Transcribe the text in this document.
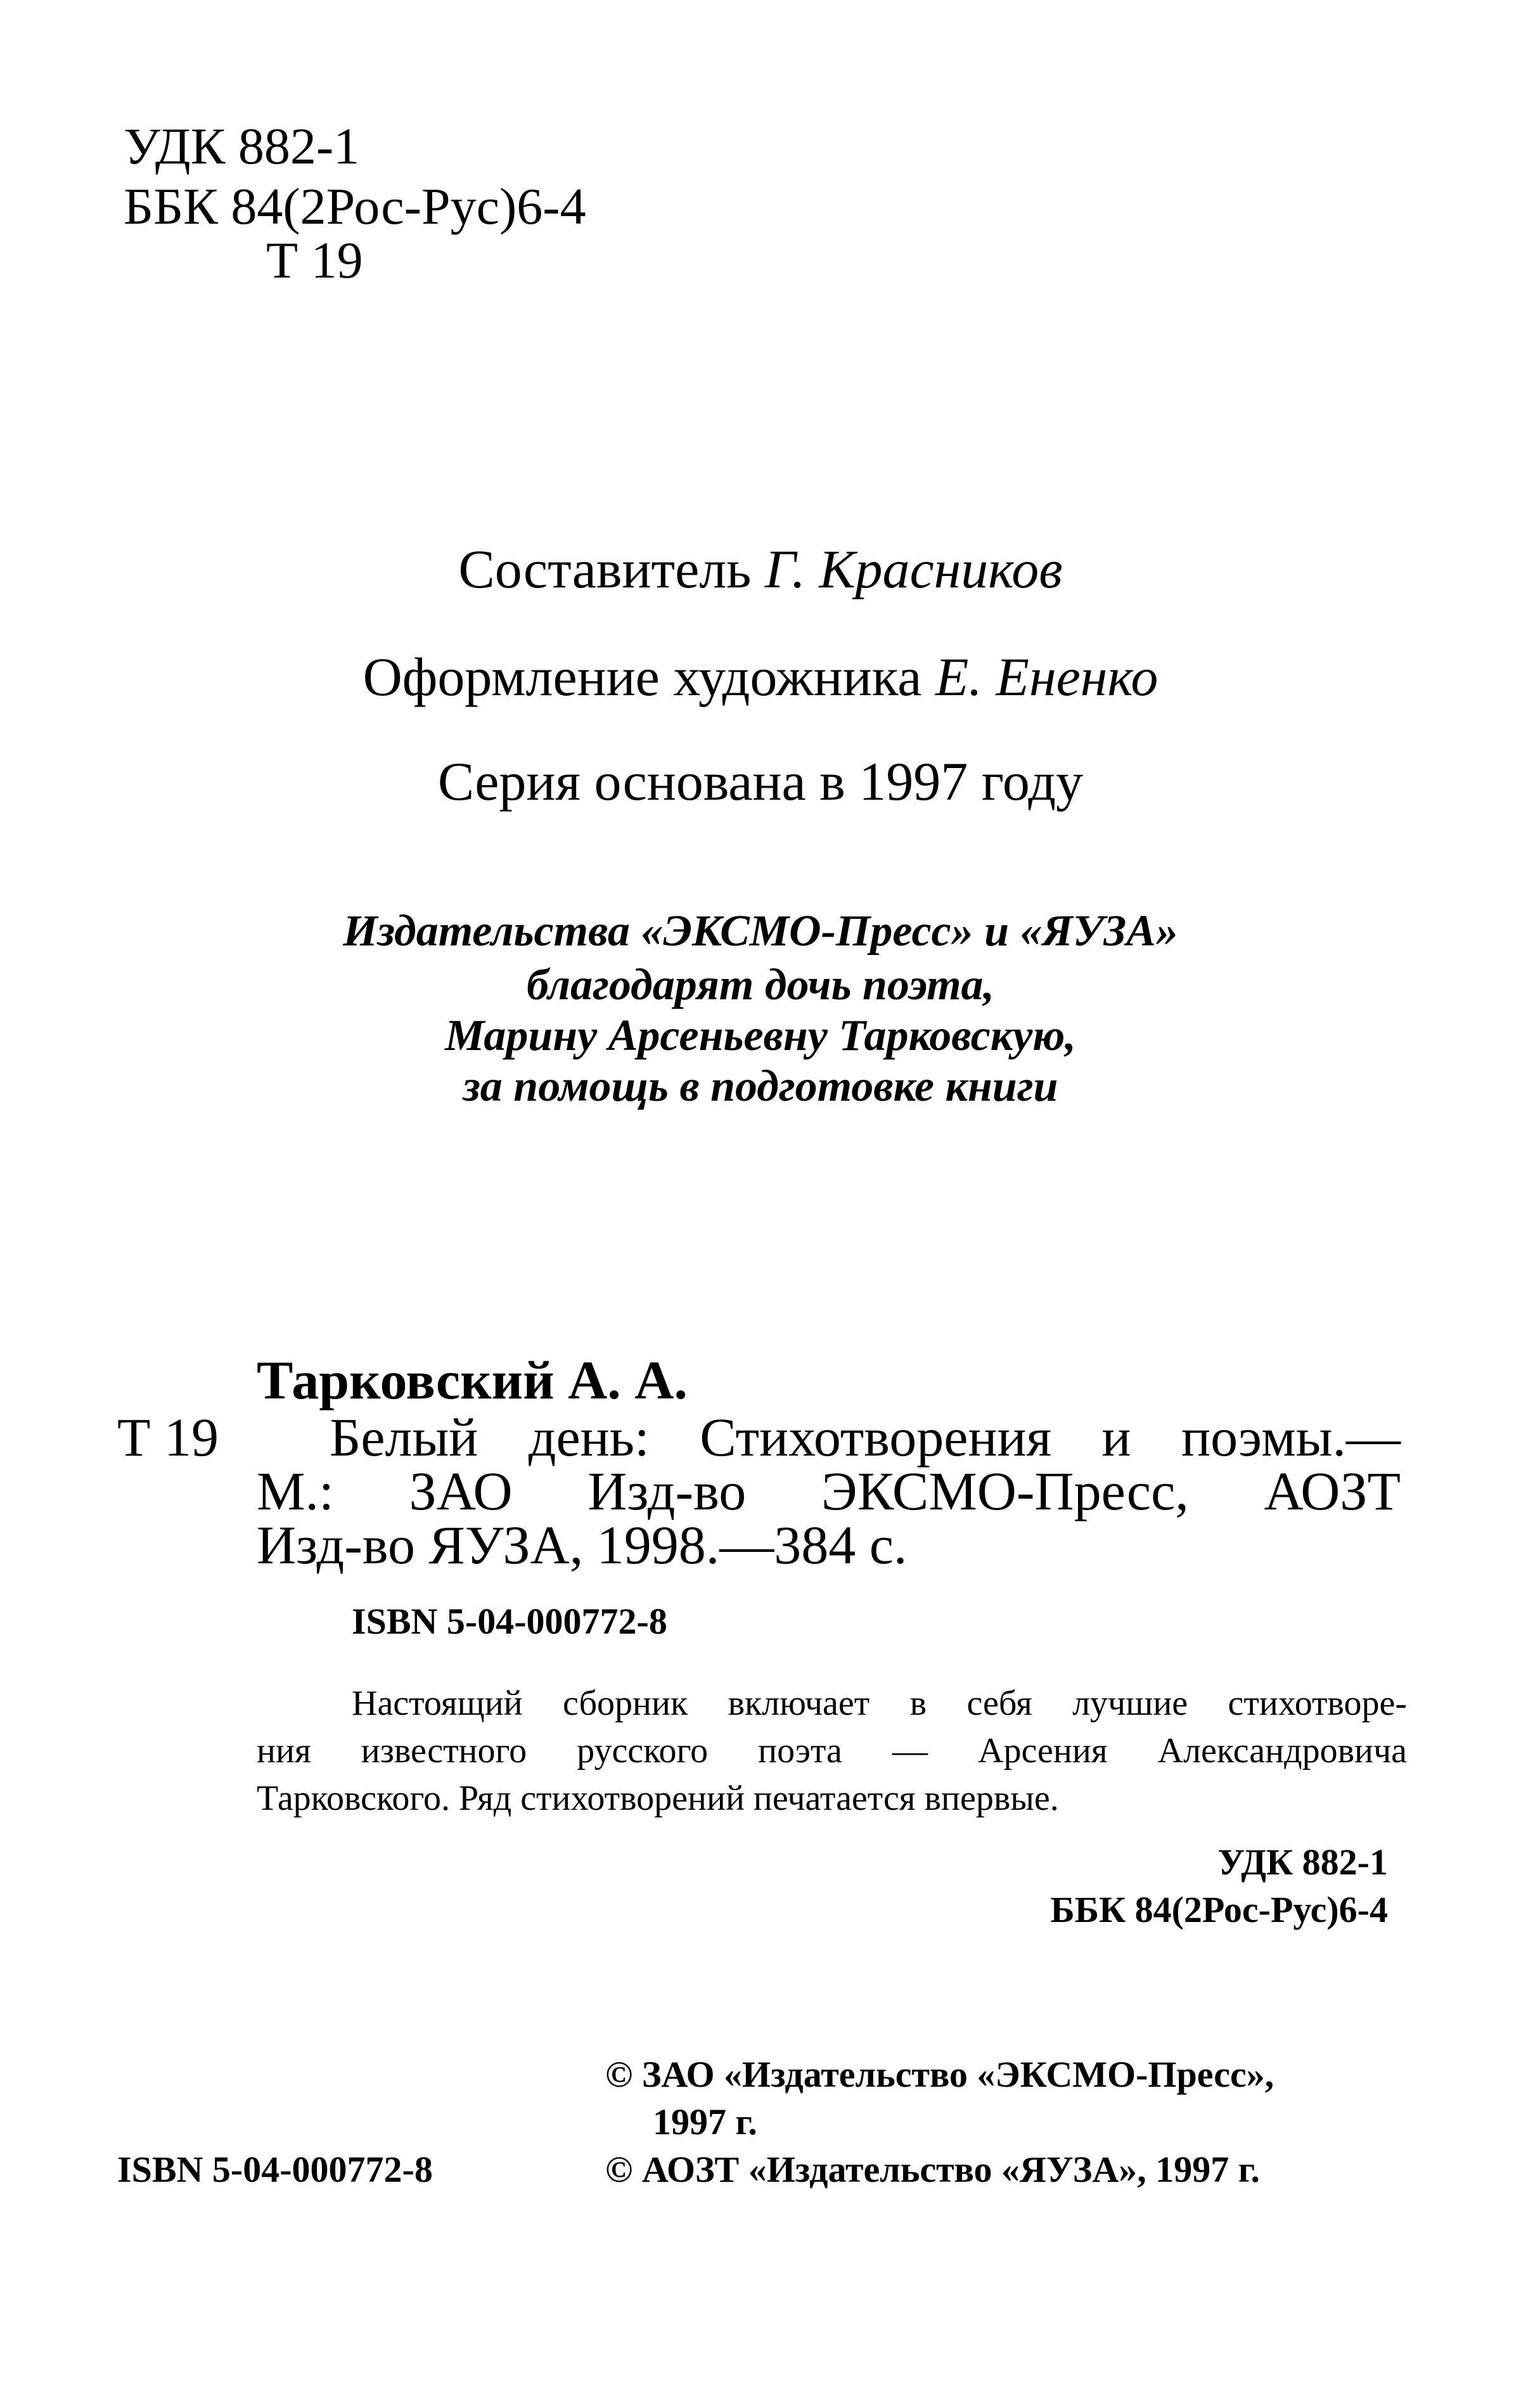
УДК 882-1
ББК 84(2Рос-Рус)6-4
Т 19
Составитель Г. Красников
Оформление художника Е. Ененко
Серия основана в 1997 году
Издательства «ЭКСМО-Пресс» и «ЯУЗА»
благодарят дочь поэта,
Марину Арсеньевну Тарковскую,
за помощь в подготовке книги
Тарковский А. А.
Т 19 Белый день: Стихотворения и поэмы.—
М.: ЗАО Изд-во ЭКСМО-Пресс, АОЗТ
Изд-во ЯУЗА, 1998.—384 с.
ISBN 5-04-000772-8
Настоящий сборник включает в себя лучшие стихотворе-
ния известного русского поэта — Арсения Александровича
Тарковского. Ряд стихотворений печатается впервые.
УДК 882-1
ББК 84(2Рос-Рус)6-4
© ЗАО «Издательство «ЭКСМО-Пресс»,
1997 г.
ISBN 5-04-000772-8	© АОЗТ «Издательство «ЯУЗА», 1997 г.
